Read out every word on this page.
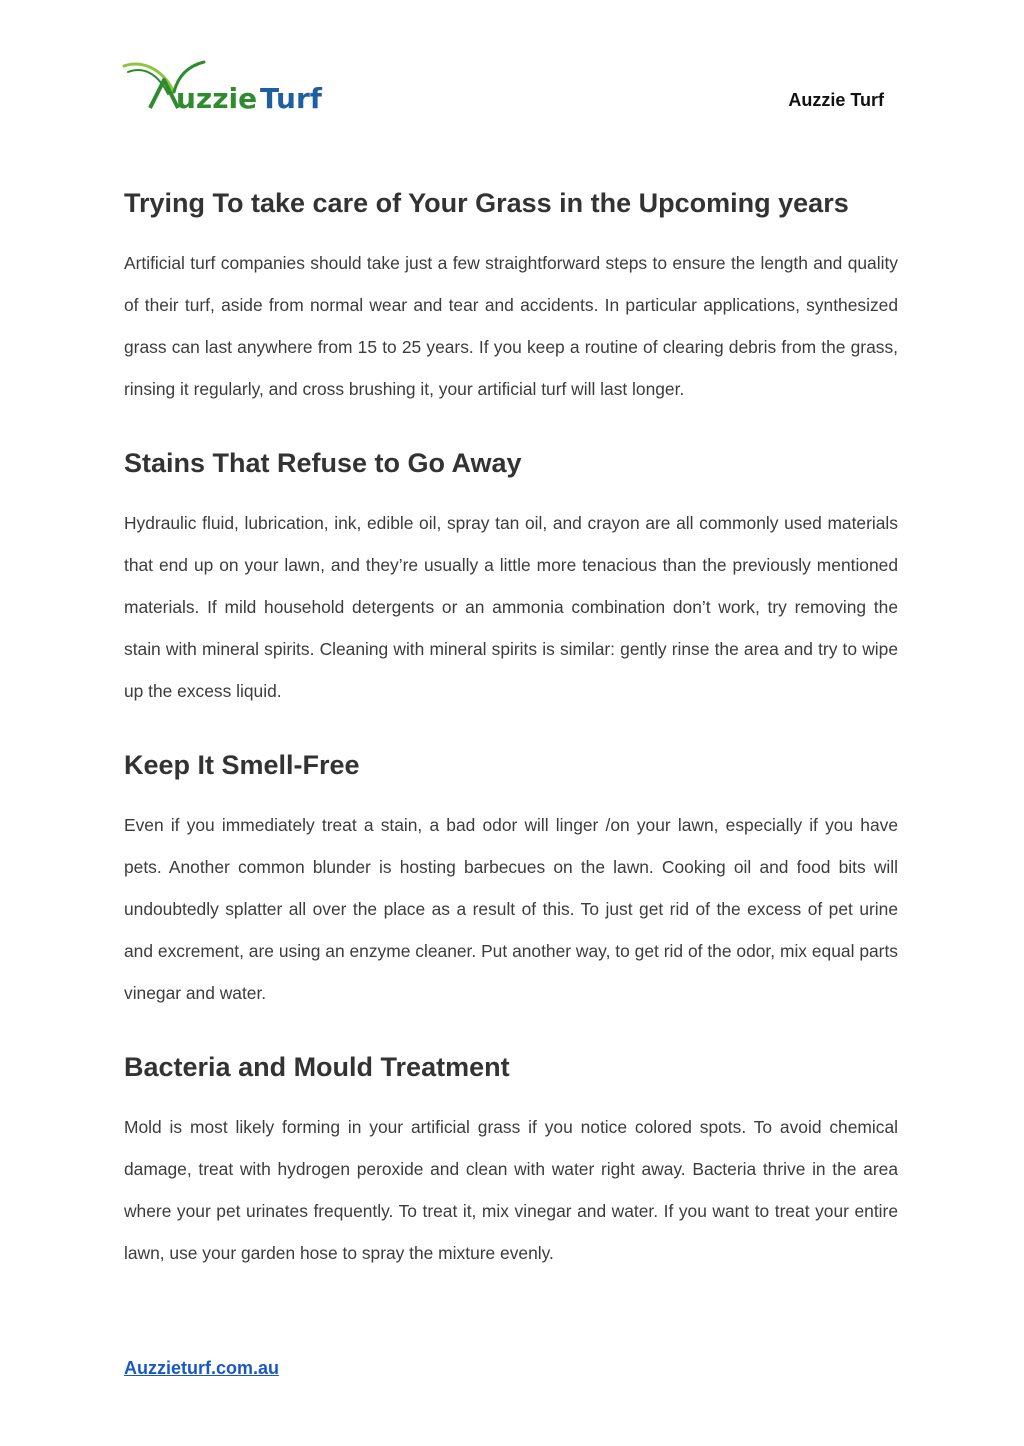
uzzie Turf	Auzzie Turf
Trying To take care of Your Grass in the Upcoming years

Artificial turf companies should take just a few straightforward steps to ensure the length and quality of their turf, aside from normal wear and tear and accidents. In particular applications, synthesized grass can last anywhere from 15 to 25 years. If you keep a routine of clearing debris from the grass, rinsing it regularly, and cross brushing it, your artificial turf will last longer.

Stains That Refuse to Go Away

Hydraulic fluid, lubrication, ink, edible oil, spray tan oil, and crayon are all commonly used materials that end up on your lawn, and they’re usually a little more tenacious than the previously mentioned materials. If mild household detergents or an ammonia combination don’t work, try removing the stain with mineral spirits. Cleaning with mineral spirits is similar: gently rinse the area and try to wipe up the excess liquid.

Keep It Smell-Free

Even if you immediately treat a stain, a bad odor will linger /on your lawn, especially if you have pets. Another common blunder is hosting barbecues on the lawn. Cooking oil and food bits will undoubtedly splatter all over the place as a result of this. To just get rid of the excess of pet urine and excrement, are using an enzyme cleaner. Put another way, to get rid of the odor, mix equal parts vinegar and water.

Bacteria and Mould Treatment

Mold is most likely forming in your artificial grass if you notice colored spots. To avoid chemical damage, treat with hydrogen peroxide and clean with water right away. Bacteria thrive in the area where your pet urinates frequently. To treat it, mix vinegar and water. If you want to treat your entire lawn, use your garden hose to spray the mixture evenly.

Auzzieturf.com.au
